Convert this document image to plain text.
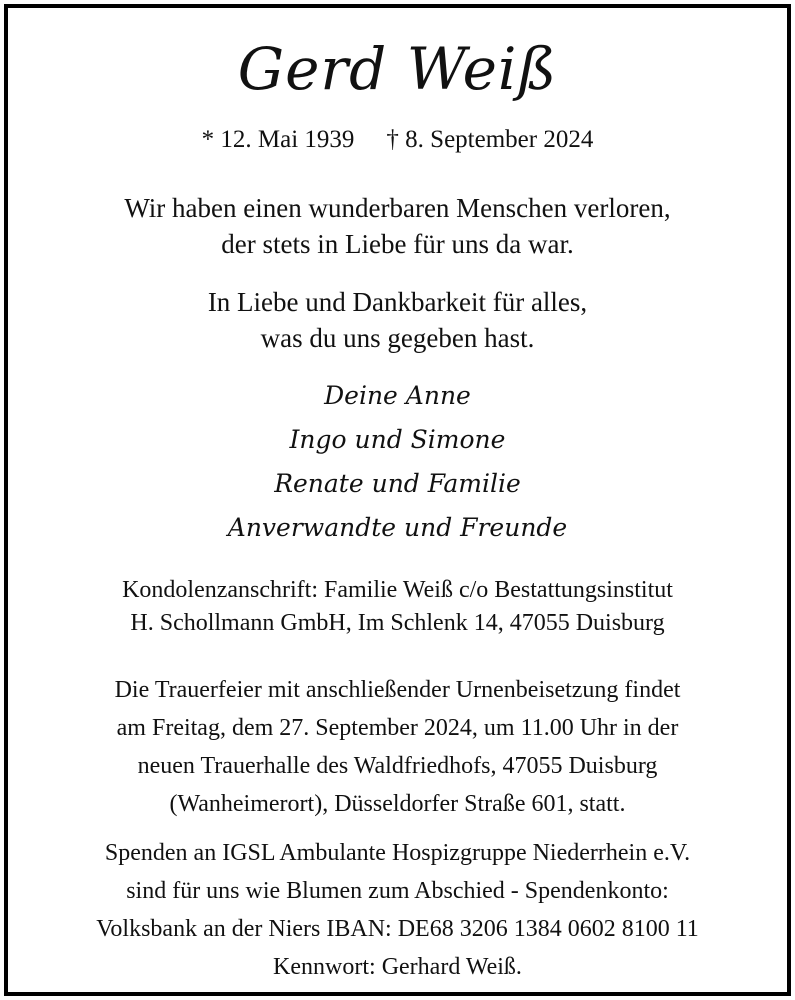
Gerd Weiß
* 12. Mai 1939 † 8. September 2024
Wir haben einen wunderbaren Menschen verloren,
der stets in Liebe für uns da war.
In Liebe und Dankbarkeit für alles,
was du uns gegeben hast.
Deine Anne
Ingo und Simone
Renate und Familie
Anverwandte und Freunde
Kondolenzanschrift: Familie Weiß c/o Bestattungsinstitut
H. Schollmann GmbH, Im Schlenk 14, 47055 Duisburg
Die Trauerfeier mit anschließender Urnenbeisetzung findet
am Freitag, dem 27. September 2024, um 11.00 Uhr in der
neuen Trauerhalle des Waldfriedhofs, 47055 Duisburg
(Wanheimerort), Düsseldorfer Straße 601, statt.
Spenden an IGSL Ambulante Hospizgruppe Niederrhein e.V.
sind für uns wie Blumen zum Abschied - Spendenkonto:
Volksbank an der Niers IBAN: DE68 3206 1384 0602 8100 11
Kennwort: Gerhard Weiß.
